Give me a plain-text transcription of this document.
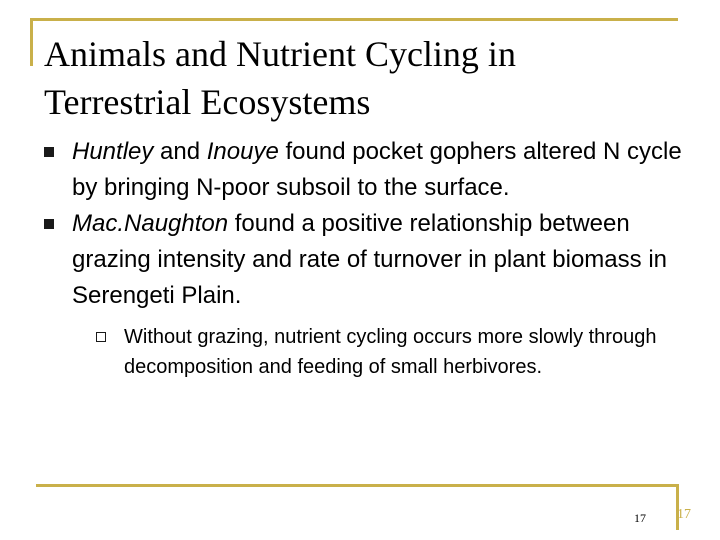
Animals and Nutrient Cycling in Terrestrial Ecosystems
Huntley and Inouye found pocket gophers altered N cycle by bringing N-poor subsoil to the surface.
Mac.Naughton found a positive relationship between grazing intensity and rate of turnover in plant biomass in Serengeti Plain.
Without grazing, nutrient cycling occurs more slowly through decomposition and feeding of small herbivores.
17 17
